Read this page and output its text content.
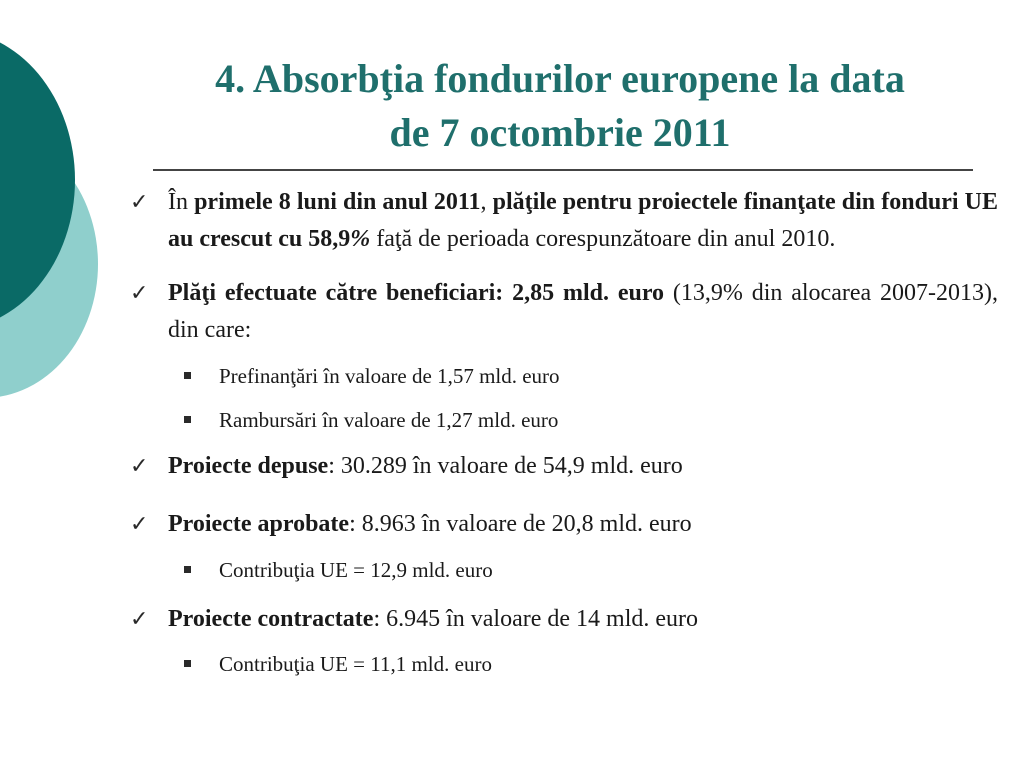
4. Absorbţia fondurilor europene la data
de 7 octombrie 2011
✓ În primele 8 luni din anul 2011, plăţile pentru proiectele finanţate din fonduri UE au crescut cu 58,9% faţă de perioada corespunzătoare din anul 2010.
✓ Plăţi efectuate către beneficiari: 2,85 mld. euro (13,9% din alocarea 2007-2013), din care:
Prefinanţări în valoare de 1,57 mld. euro
Rambursări în valoare de 1,27 mld. euro
✓ Proiecte depuse: 30.289 în valoare de 54,9 mld. euro
✓ Proiecte aprobate: 8.963 în valoare de 20,8 mld. euro
Contribuţia UE = 12,9 mld. euro
✓ Proiecte contractate: 6.945 în valoare de 14 mld. euro
Contribuţia UE = 11,1 mld. euro
